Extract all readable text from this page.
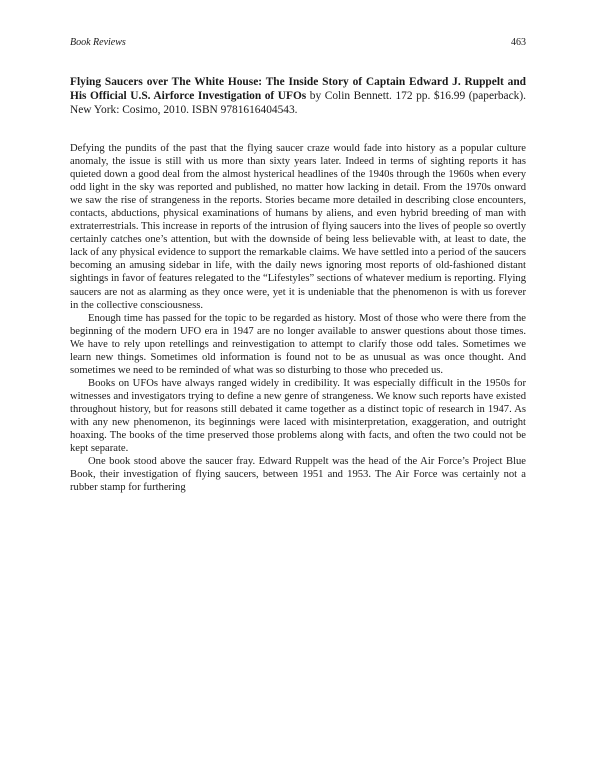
Book Reviews	463
Flying Saucers over The White House: The Inside Story of Captain Edward J. Ruppelt and His Official U.S. Airforce Investigation of UFOs by Colin Bennett. 172 pp. $16.99 (paperback). New York: Cosimo, 2010. ISBN 9781616404543.

Defying the pundits of the past that the flying saucer craze would fade into history as a popular culture anomaly, the issue is still with us more than sixty years later. Indeed in terms of sighting reports it has quieted down a good deal from the almost hysterical headlines of the 1940s through the 1960s when every odd light in the sky was reported and published, no matter how lacking in detail. From the 1970s onward we saw the rise of strangeness in the reports. Stories became more detailed in describing close encounters, contacts, abductions, physical examinations of humans by aliens, and even hybrid breeding of man with extraterrestrials. This increase in reports of the intrusion of flying saucers into the lives of people so overtly certainly catches one’s attention, but with the downside of being less believable with, at least to date, the lack of any physical evidence to support the remarkable claims. We have settled into a period of the saucers becoming an amusing sidebar in life, with the daily news ignoring most reports of old-fashioned distant sightings in favor of features relegated to the “Lifestyles” sections of whatever medium is reporting. Flying saucers are not as alarming as they once were, yet it is undeniable that the phenomenon is with us forever in the collective consciousness.

Enough time has passed for the topic to be regarded as history. Most of those who were there from the beginning of the modern UFO era in 1947 are no longer available to answer questions about those times. We have to rely upon retellings and reinvestigation to attempt to clarify those odd tales. Sometimes we learn new things. Sometimes old information is found not to be as unusual as was once thought. And sometimes we need to be reminded of what was so disturbing to those who preceded us.

Books on UFOs have always ranged widely in credibility. It was especially difficult in the 1950s for witnesses and investigators trying to define a new genre of strangeness. We know such reports have existed throughout history, but for reasons still debated it came together as a distinct topic of research in 1947. As with any new phenomenon, its beginnings were laced with misinterpretation, exaggeration, and outright hoaxing. The books of the time preserved those problems along with facts, and often the two could not be kept separate.

One book stood above the saucer fray. Edward Ruppelt was the head of the Air Force’s Project Blue Book, their investigation of flying saucers, between 1951 and 1953. The Air Force was certainly not a rubber stamp for furthering
